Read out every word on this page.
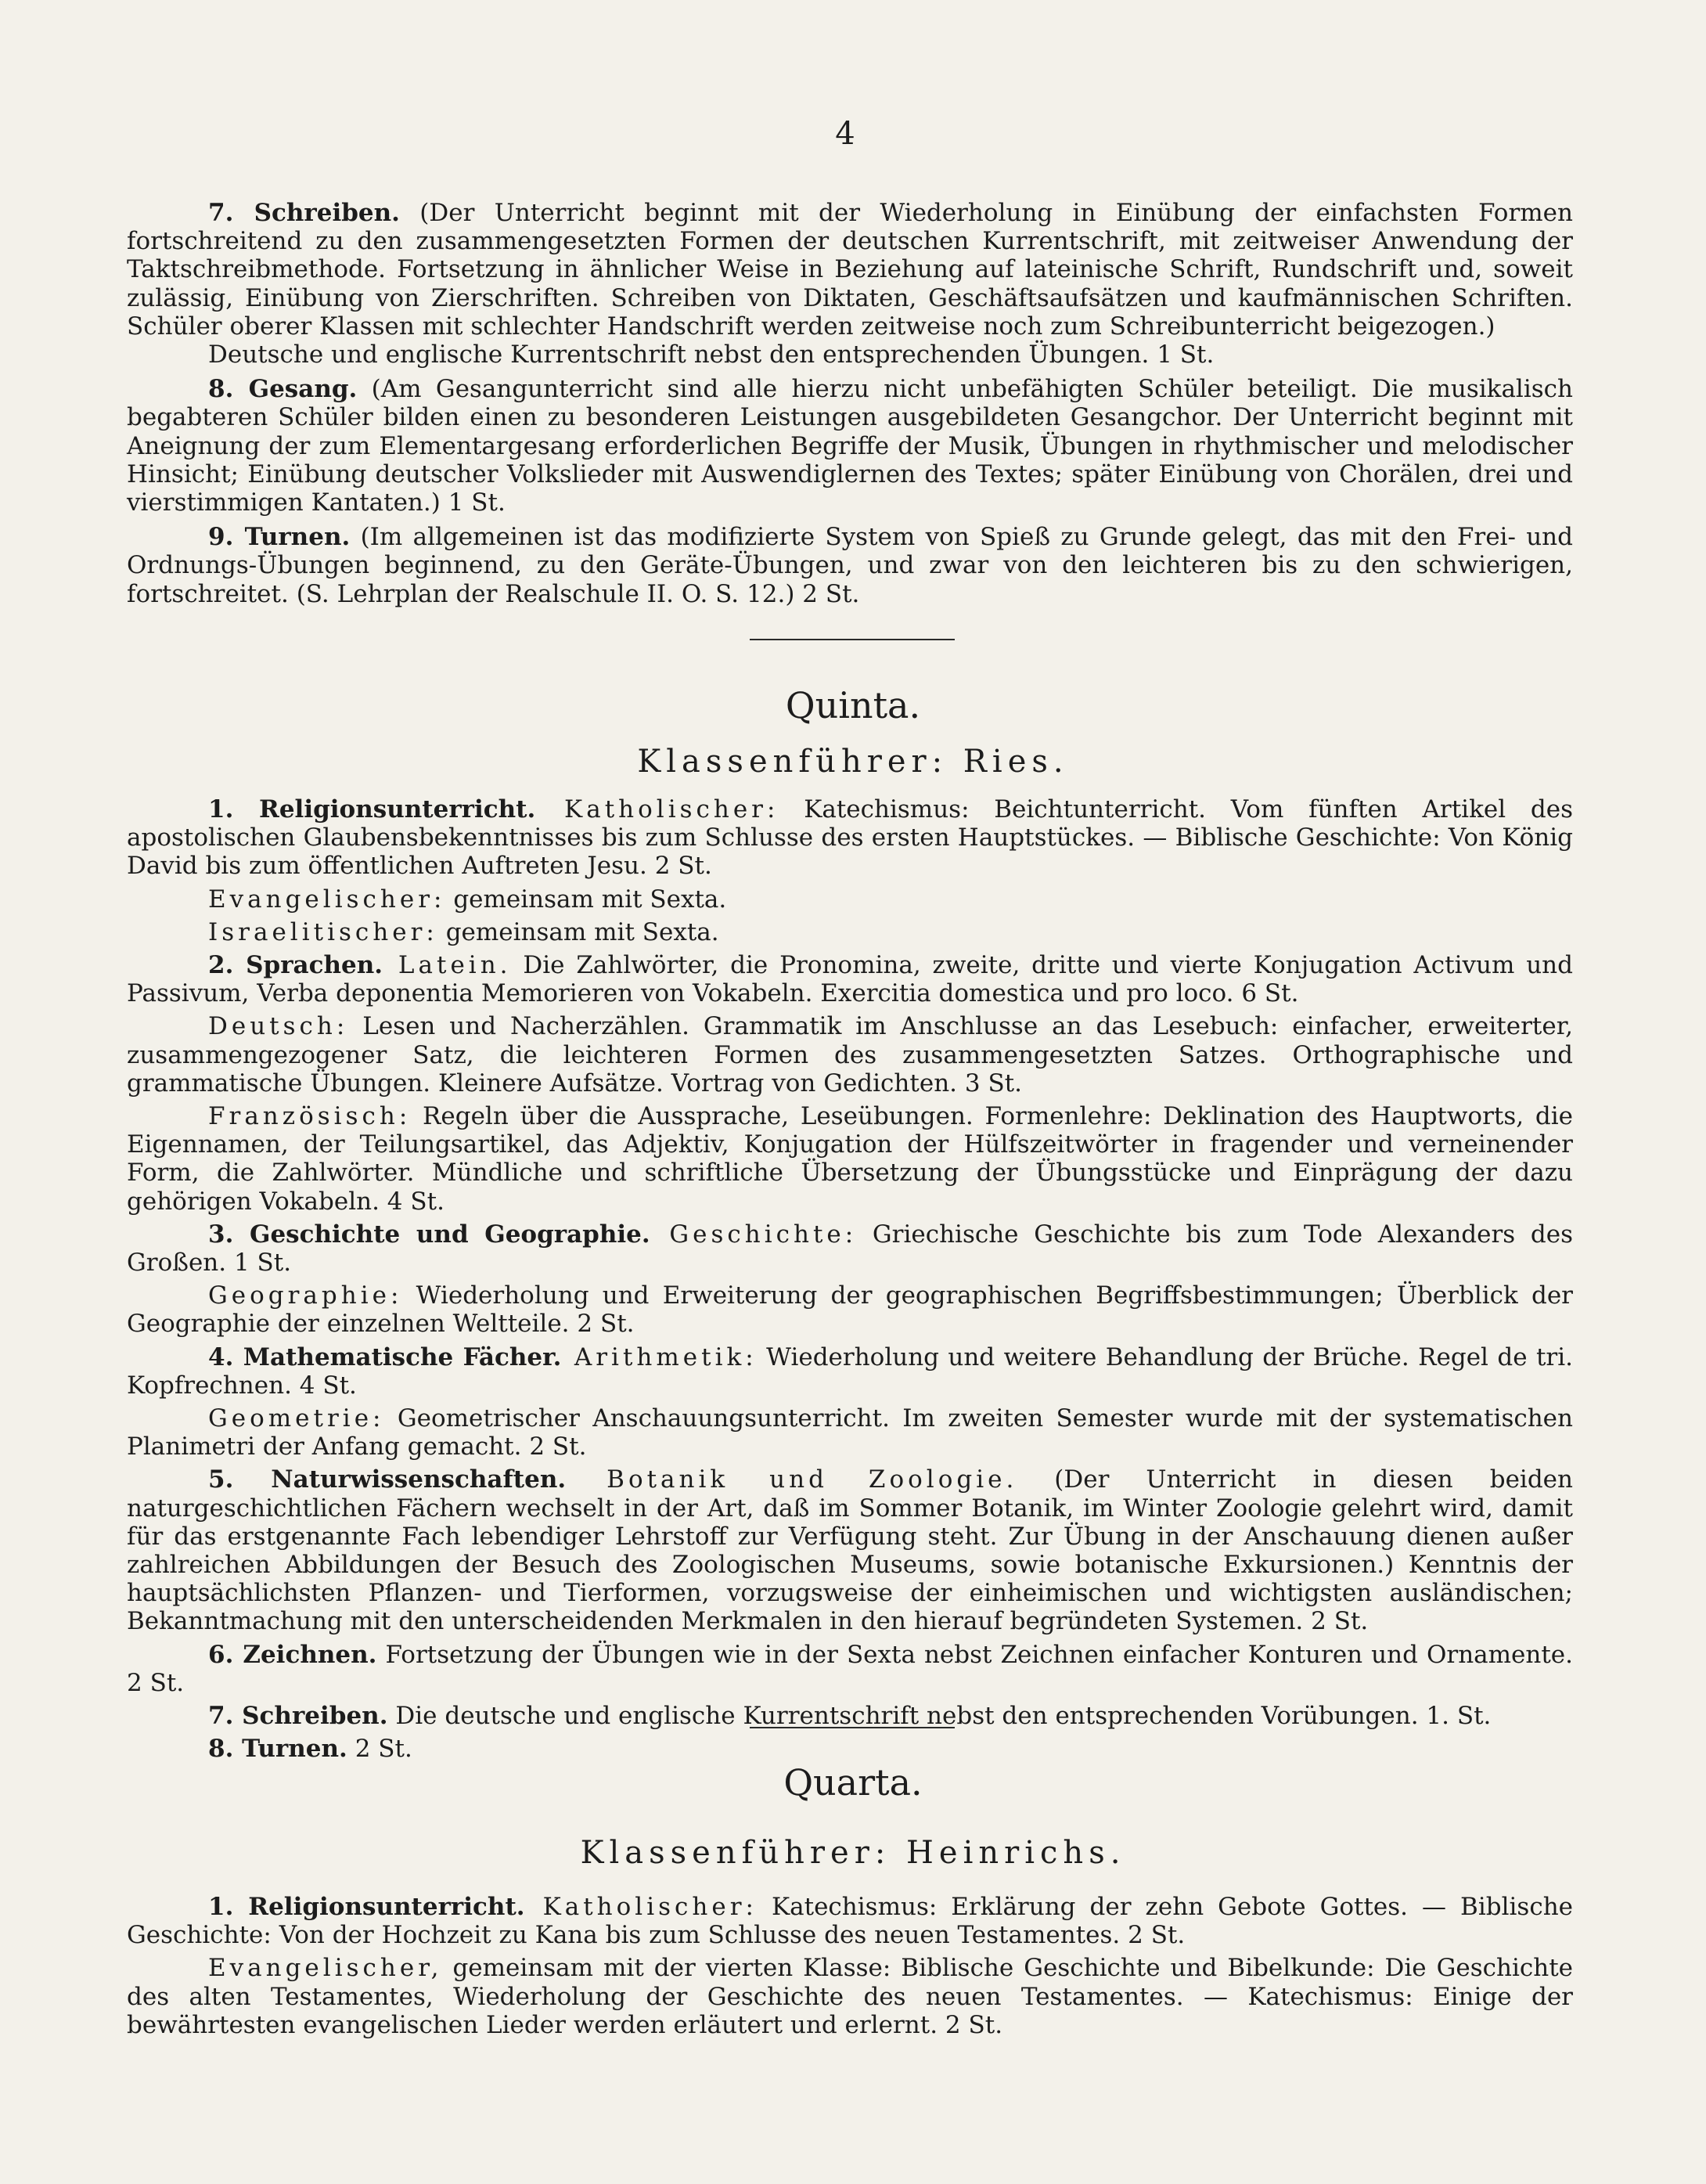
4

7. Schreiben. (Der Unterricht beginnt mit der Wiederholung in Einübung der einfachsten Formen fortschreitend zu den zusammengesetzten Formen der deutschen Kurrentschrift, mit zeitweiser Anwendung der Taktschreibmethode. Fortsetzung in ähnlicher Weise in Beziehung auf lateinische Schrift, Rundschrift und, soweit zulässig, Einübung von Zierschriften. Schreiben von Diktaten, Geschäftsaufsätzen und kaufmännischen Schriften. Schüler oberer Klassen mit schlechter Handschrift werden zeitweise noch zum Schreibunterricht beigezogen.)

Deutsche und englische Kurrentschrift nebst den entsprechenden Übungen. 1 St.

8. Gesang. (Am Gesangunterricht sind alle hierzu nicht unbefähigten Schüler beteiligt. Die musikalisch begabteren Schüler bilden einen zu besonderen Leistungen ausgebildeten Gesangchor. Der Unterricht beginnt mit Aneignung der zum Elementargesang erforderlichen Begriffe der Musik, Übungen in rhythmischer und melodischer Hinsicht; Einübung deutscher Volkslieder mit Auswendiglernen des Textes; später Einübung von Chorälen, drei und vierstimmigen Kantaten.) 1 St.

9. Turnen. (Im allgemeinen ist das modifizierte System von Spieß zu Grunde gelegt, das mit den Frei- und Ordnungs-Übungen beginnend, zu den Geräte-Übungen, und zwar von den leichteren bis zu den schwierigen, fortschreitet. (S. Lehrplan der Realschule II. O. S. 12.) 2 St.

Quinta.
Klassenführer: Ries.

1. Religionsunterricht. Katholischer: Katechismus: Beichtunterricht. Vom fünften Artikel des apostolischen Glaubensbekenntnisses bis zum Schlusse des ersten Hauptstückes. — Biblische Geschichte: Von König David bis zum öffentlichen Auftreten Jesu. 2 St.

Evangelischer: gemeinsam mit Sexta.

Israelitischer: gemeinsam mit Sexta.

2. Sprachen. Latein. Die Zahlwörter, die Pronomina, zweite, dritte und vierte Konjugation Activum und Passivum, Verba deponentia Memorieren von Vokabeln. Exercitia domestica und pro loco. 6 St.

Deutsch: Lesen und Nacherzählen. Grammatik im Anschlusse an das Lesebuch: einfacher, erweiterter, zusammengezogener Satz, die leichteren Formen des zusammengesetzten Satzes. Orthographische und grammatische Übungen. Kleinere Aufsätze. Vortrag von Gedichten. 3 St.

Französisch: Regeln über die Aussprache, Leseübungen. Formenlehre: Deklination des Hauptworts, die Eigennamen, der Teilungsartikel, das Adjektiv, Konjugation der Hülfszeitwörter in fragender und verneinender Form, die Zahlwörter. Mündliche und schriftliche Übersetzung der Übungsstücke und Einprägung der dazu gehörigen Vokabeln. 4 St.

3. Geschichte und Geographie. Geschichte: Griechische Geschichte bis zum Tode Alexanders des Großen. 1 St.

Geographie: Wiederholung und Erweiterung der geographischen Begriffsbestimmungen; Überblick der Geographie der einzelnen Weltteile. 2 St.

4. Mathematische Fächer. Arithmetik: Wiederholung und weitere Behandlung der Brüche. Regel de tri. Kopfrechnen. 4 St.

Geometrie: Geometrischer Anschauungsunterricht. Im zweiten Semester wurde mit der systematischen Planimetri der Anfang gemacht. 2 St.

5. Naturwissenschaften. Botanik und Zoologie. (Der Unterricht in diesen beiden naturgeschichtlichen Fächern wechselt in der Art, daß im Sommer Botanik, im Winter Zoologie gelehrt wird, damit für das erstgenannte Fach lebendiger Lehrstoff zur Verfügung steht. Zur Übung in der Anschauung dienen außer zahlreichen Abbildungen der Besuch des Zoologischen Museums, sowie botanische Exkursionen.) Kenntnis der hauptsächlichsten Pflanzen- und Tierformen, vorzugsweise der einheimischen und wichtigsten ausländischen; Bekanntmachung mit den unterscheidenden Merkmalen in den hierauf begründeten Systemen. 2 St.

6. Zeichnen. Fortsetzung der Übungen wie in der Sexta nebst Zeichnen einfacher Konturen und Ornamente. 2 St.

7. Schreiben. Die deutsche und englische Kurrentschrift nebst den entsprechenden Vorübungen. 1. St.

8. Turnen. 2 St.

Quarta.
Klassenführer: Heinrichs.

1. Religionsunterricht. Katholischer: Katechismus: Erklärung der zehn Gebote Gottes. — Biblische Geschichte: Von der Hochzeit zu Kana bis zum Schlusse des neuen Testamentes. 2 St.

Evangelischer, gemeinsam mit der vierten Klasse: Biblische Geschichte und Bibelkunde: Die Geschichte des alten Testamentes, Wiederholung der Geschichte des neuen Testamentes. — Katechismus: Einige der bewährtesten evangelischen Lieder werden erläutert und erlernt. 2 St.
